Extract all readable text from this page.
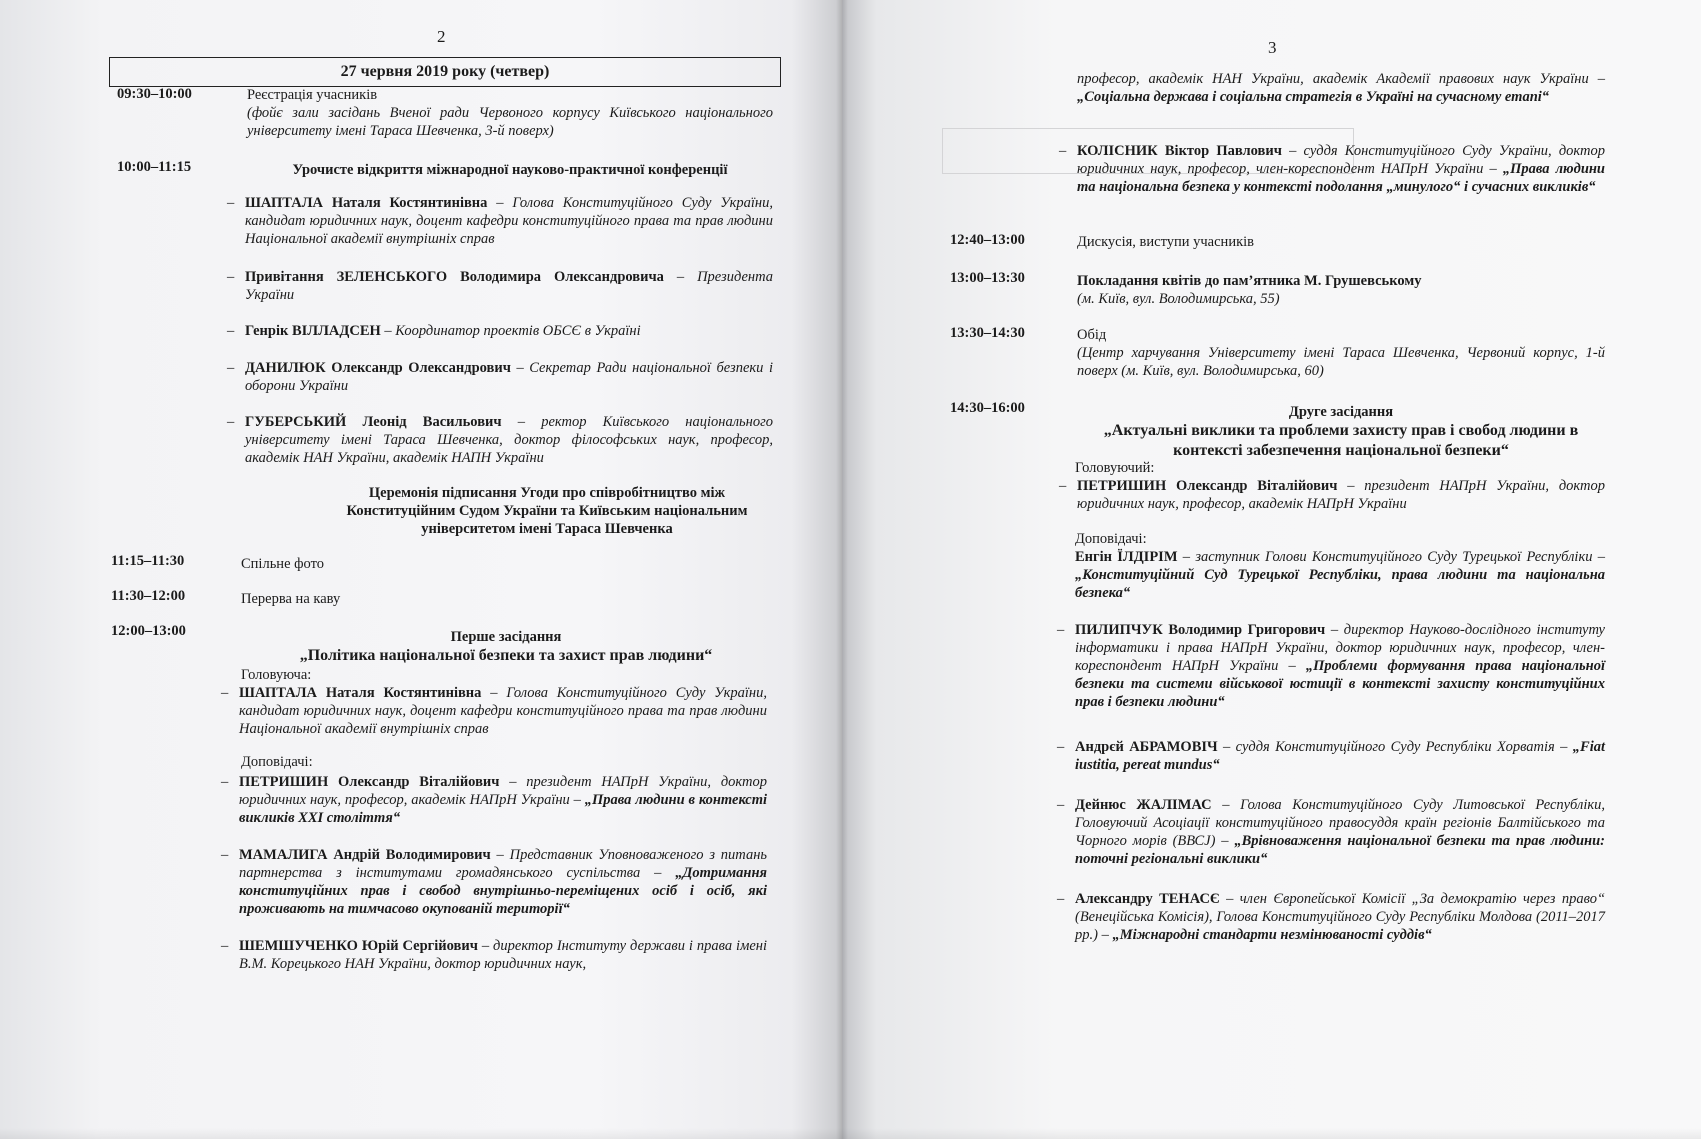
2
27 червня 2019 року (четвер)
09:30–10:00	Реєстрація учасників
(фойє зали засідань Вченої ради Червоного корпусу Київського національного університету імені Тараса Шевченка, 3-й поверх)
10:00–11:15	Урочисте відкриття міжнародної науково-практичної конференції
– ШАПТАЛА Наталя Костянтинівна – Голова Конституційного Суду України, кандидат юридичних наук, доцент кафедри конституційного права та прав людини Національної академії внутрішніх справ
– Привітання ЗЕЛЕНСЬКОГО Володимира Олександровича – Президента України
– Генрік ВІЛЛАДСЕН – Координатор проектів ОБСЄ в Україні
– ДАНИЛЮК Олександр Олександрович – Секретар Ради національної безпеки і оборони України
– ГУБЕРСЬКИЙ Леонід Васильович – ректор Київського національного університету імені Тараса Шевченка, доктор філософських наук, професор, академік НАН України, академік НАПН України
Церемонія підписання Угоди про співробітництво між Конституційним Судом України та Київським національним університетом імені Тараса Шевченка
11:15–11:30	Спільне фото
11:30–12:00	Перерва на каву
12:00–13:00	Перше засідання
„Політика національної безпеки та захист прав людини“
Головуюча:
– ШАПТАЛА Наталя Костянтинівна – Голова Конституційного Суду України, кандидат юридичних наук, доцент кафедри конституційного права та прав людини Національної академії внутрішніх справ
Доповідачі:
– ПЕТРИШИН Олександр Віталійович – президент НАПрН України, доктор юридичних наук, професор, академік НАПрН України – „Права людини в контексті викликів ХХІ століття“
– МАМАЛИГА Андрій Володимирович – Представник Уповноваженого з питань партнерства з інститутами громадянського суспільства – „Дотримання конституційних прав і свобод внутрішньо-переміщених осіб і осіб, які проживають на тимчасово окупованій території“
– ШЕМШУЧЕНКО Юрій Сергійович – директор Інституту держави і права імені В.М. Корецького НАН України, доктор юридичних наук,
3
професор, академік НАН України, академік Академії правових наук України – „Соціальна держава і соціальна стратегія в Україні на сучасному етапі“
– КОЛІСНИК Віктор Павлович – суддя Конституційного Суду України, доктор юридичних наук, професор, член-кореспондент НАПрН України – „Права людини та національна безпека у контексті подолання „минулого“ і сучасних викликів“
12:40–13:00	Дискусія, виступи учасників
13:00–13:30	Покладання квітів до пам’ятника М. Грушевському
(м. Київ, вул. Володимирська, 55)
13:30–14:30	Обід
(Центр харчування Університету імені Тараса Шевченка, Червоний корпус, 1-й поверх (м. Київ, вул. Володимирська, 60)
14:30–16:00	Друге засідання
„Актуальні виклики та проблеми захисту прав і свобод людини в контексті забезпечення національної безпеки“
Головуючий:
– ПЕТРИШИН Олександр Віталійович – президент НАПрН України, доктор юридичних наук, професор, академік НАПрН України
Доповідачі:
Енгін ЇЛДІРІМ – заступник Голови Конституційного Суду Турецької Республіки – „Конституційний Суд Турецької Республіки, права людини та національна безпека“
– ПИЛИПЧУК Володимир Григорович – директор Науково-дослідного інституту інформатики і права НАПрН України, доктор юридичних наук, професор, член-кореспондент НАПрН України – „Проблеми формування права національної безпеки та системи військової юстиції в контексті захисту конституційних прав і безпеки людини“
– Андрєй АБРАМОВІЧ – суддя Конституційного Суду Республіки Хорватія – „Fiat iustitia, pereat mundus“
– Дейнюс ЖАЛІМАС – Голова Конституційного Суду Литовської Республіки, Головуючий Асоціації конституційного правосуддя країн регіонів Балтійського та Чорного морів (ВВСJ) – „Врівноваження національної безпеки та прав людини: поточні регіональні виклики“
– Александру ТЕНАСЄ – член Європейської Комісії „За демократію через право“ (Венеційська Комісія), Голова Конституційного Суду Республіки Молдова (2011–2017 рр.) – „Міжнародні стандарти незмінюваності суддів“
